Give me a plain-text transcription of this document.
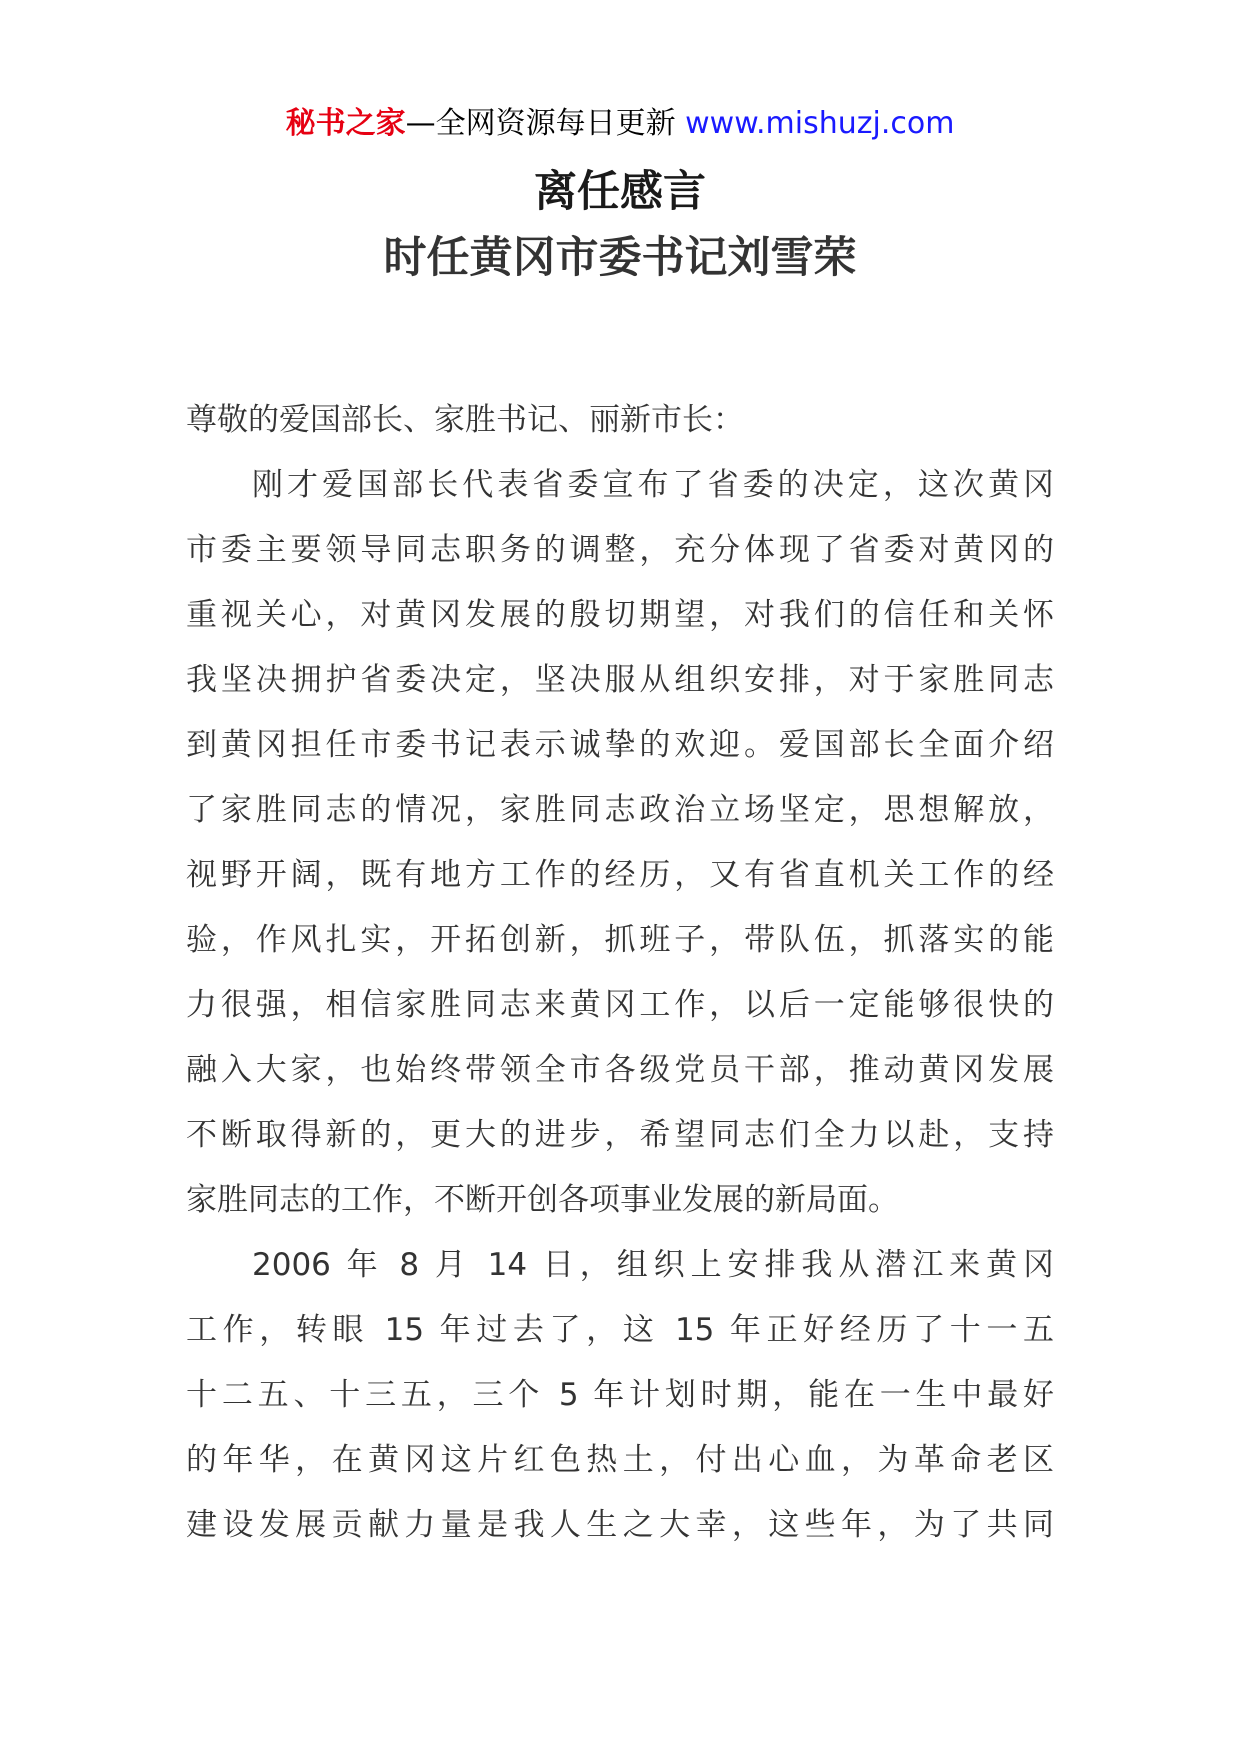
秘书之家—全网资源每日更新 www.mishuzj.com
离任感言
时任黄冈市委书记刘雪荣
尊敬的爱国部长、家胜书记、丽新市长：
刚才爱国部长代表省委宣布了省委的决定，这次黄冈
市委主要领导同志职务的调整，充分体现了省委对黄冈的
重视关心，对黄冈发展的殷切期望，对我们的信任和关怀
我坚决拥护省委决定，坚决服从组织安排，对于家胜同志
到黄冈担任市委书记表示诚挚的欢迎。爱国部长全面介绍
了家胜同志的情况，家胜同志政治立场坚定，思想解放，
视野开阔，既有地方工作的经历，又有省直机关工作的经
验，作风扎实，开拓创新，抓班子，带队伍，抓落实的能
力很强，相信家胜同志来黄冈工作，以后一定能够很快的
融入大家，也始终带领全市各级党员干部，推动黄冈发展
不断取得新的，更大的进步，希望同志们全力以赴，支持
家胜同志的工作，不断开创各项事业发展的新局面。
2006 年 8 月 14 日，组织上安排我从潜江来黄冈
工作，转眼 15 年过去了，这 15 年正好经历了十一五
十二五、十三五，三个 5 年计划时期，能在一生中最好
的年华，在黄冈这片红色热土，付出心血，为革命老区
建设发展贡献力量是我人生之大幸，这些年，为了共同
